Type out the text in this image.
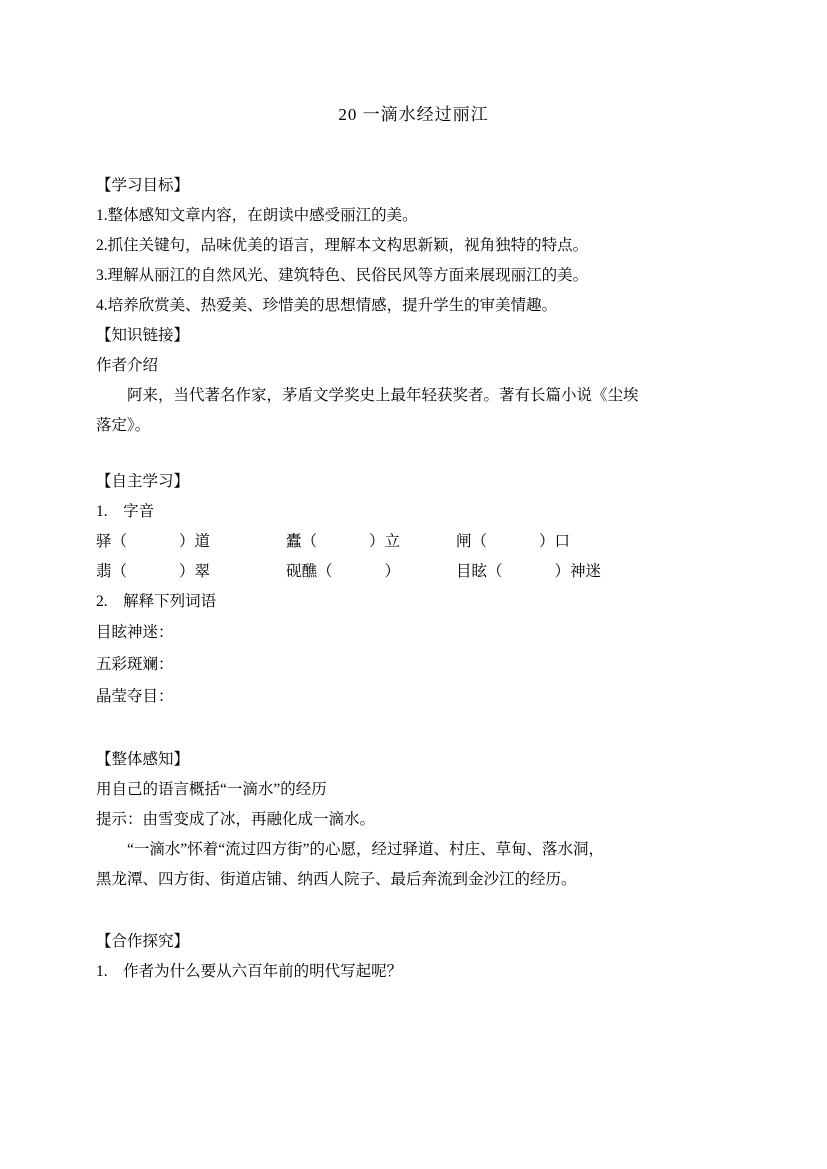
20 一滴水经过丽江

【学习目标】

1.整体感知文章内容，在朗读中感受丽江的美。

2.抓住关键句，品味优美的语言，理解本文构思新颖，视角独特的特点。

3.理解从丽江的自然风光、建筑特色、民俗民风等方面来展现丽江的美。

4.培养欣赏美、热爱美、珍惜美的思想情感，提升学生的审美情趣。

【知识链接】

作者介绍

阿来，当代著名作家，茅盾文学奖史上最年轻获奖者。著有长篇小说《尘埃

落定》。

【自主学习】

1.　字音

驿（	）道	蠹（	）立	闸（	）口
翡（	）翠	砚醮（	）	目眩（	）神迷

2.　解释下列词语

目眩神迷：

五彩斑斓：

晶莹夺目：

【整体感知】

用自己的语言概括“一滴水”的经历

提示：由雪变成了冰，再融化成一滴水。

“一滴水”怀着“流过四方街”的心愿，经过驿道、村庄、草甸、落水洞，

黑龙潭、四方街、街道店铺、纳西人院子、最后奔流到金沙江的经历。

【合作探究】

1.　作者为什么要从六百年前的明代写起呢？
